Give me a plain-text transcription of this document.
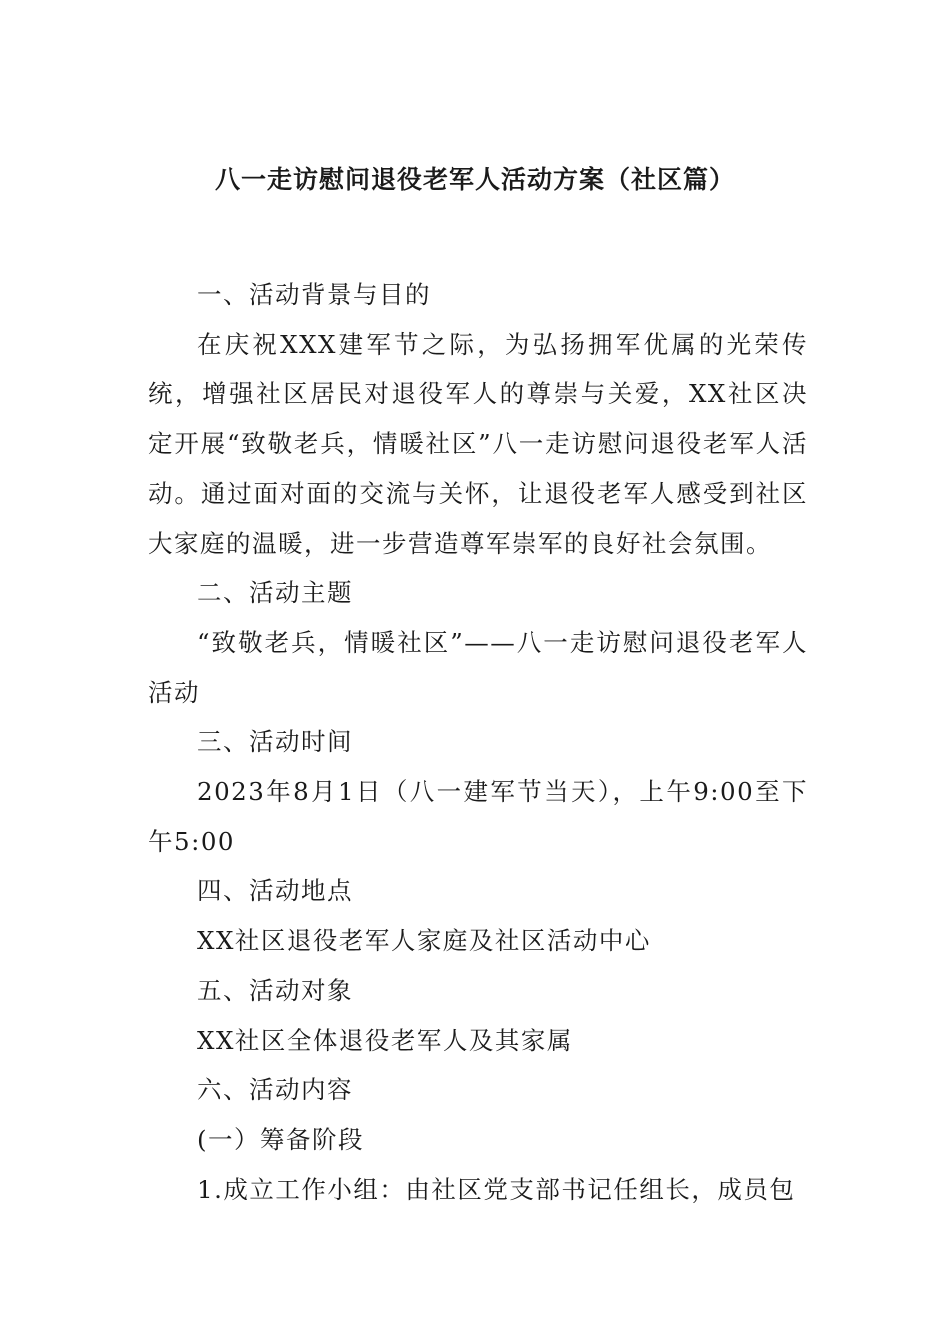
八一走访慰问退役老军人活动方案（社区篇）

一、活动背景与目的

在庆祝XXX建军节之际，为弘扬拥军优属的光荣传统，增强社区居民对退役军人的尊崇与关爱，XX社区决定开展“致敬老兵，情暖社区”八一走访慰问退役老军人活动。通过面对面的交流与关怀，让退役老军人感受到社区大家庭的温暖，进一步营造尊军崇军的良好社会氛围。

二、活动主题

“致敬老兵，情暖社区”——八一走访慰问退役老军人活动

三、活动时间

2023年8月1日（八一建军节当天），上午9:00至下午5:00

四、活动地点

XX社区退役老军人家庭及社区活动中心

五、活动对象

XX社区全体退役老军人及其家属

六、活动内容

(一）筹备阶段

1.成立工作小组：由社区党支部书记任组长，成员包
